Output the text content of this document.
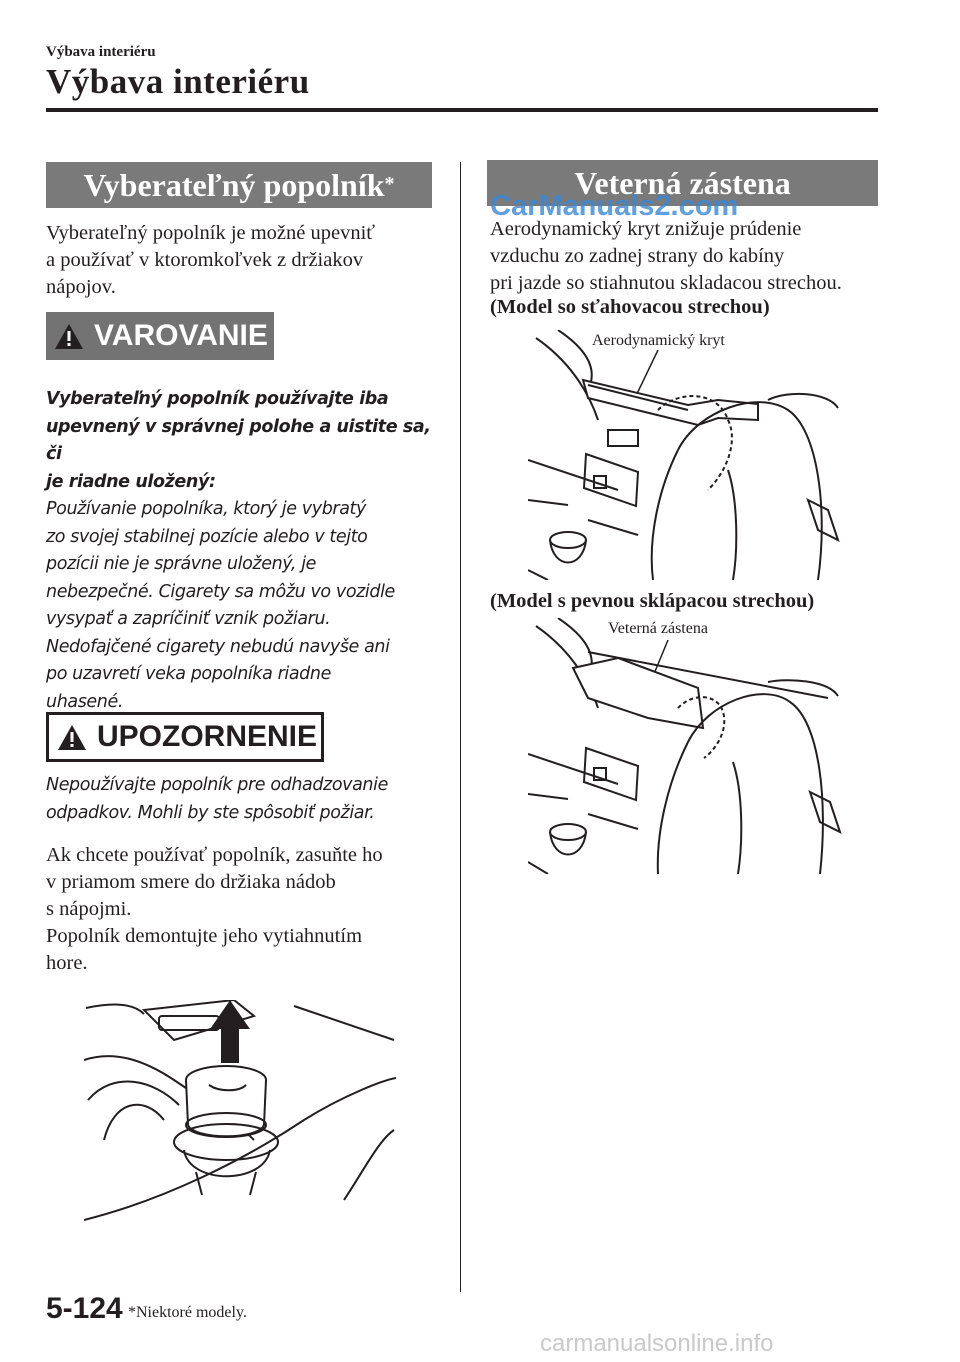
Výbava interiéru
Výbava interiéru
Vyberateľný popolník*

Vyberateľný popolník je možné upevniť

a používať v ktoromkoľvek z držiakov

nápojov.

VAROVANIE

Vyberateľný popolník používajte iba

upevnený v správnej polohe a uistite sa, či

je riadne uložený:

Používanie popolníka, ktorý je vybratý

zo svojej stabilnej pozície alebo v tejto

pozícii nie je správne uložený, je

nebezpečné. Cigarety sa môžu vo vozidle

vysypať a zapríčiniť vznik požiaru.

Nedofajčené cigarety nebudú navyše ani

po uzavretí veka popolníka riadne

uhasené.

UPOZORNENIE

Nepoužívajte popolník pre odhadzovanie

odpadkov. Mohli by ste spôsobiť požiar.

Ak chcete používať popolník, zasuňte ho

v priamom smere do držiaka nádob

s nápojmi.

Popolník demontujte jeho vytiahnutím

hore.

Veterná zástena
CarManuals2.com

Aerodynamický kryt znižuje prúdenie

vzduchu zo zadnej strany do kabíny

pri jazde so stiahnutou skladacou strechou.

(Model so sťahovacou strechou)
Aerodynamický kryt
(Model s pevnou sklápacou strechou)
Veterná zástena
5-124 *Niektoré modely.
carmanualsonline.info
